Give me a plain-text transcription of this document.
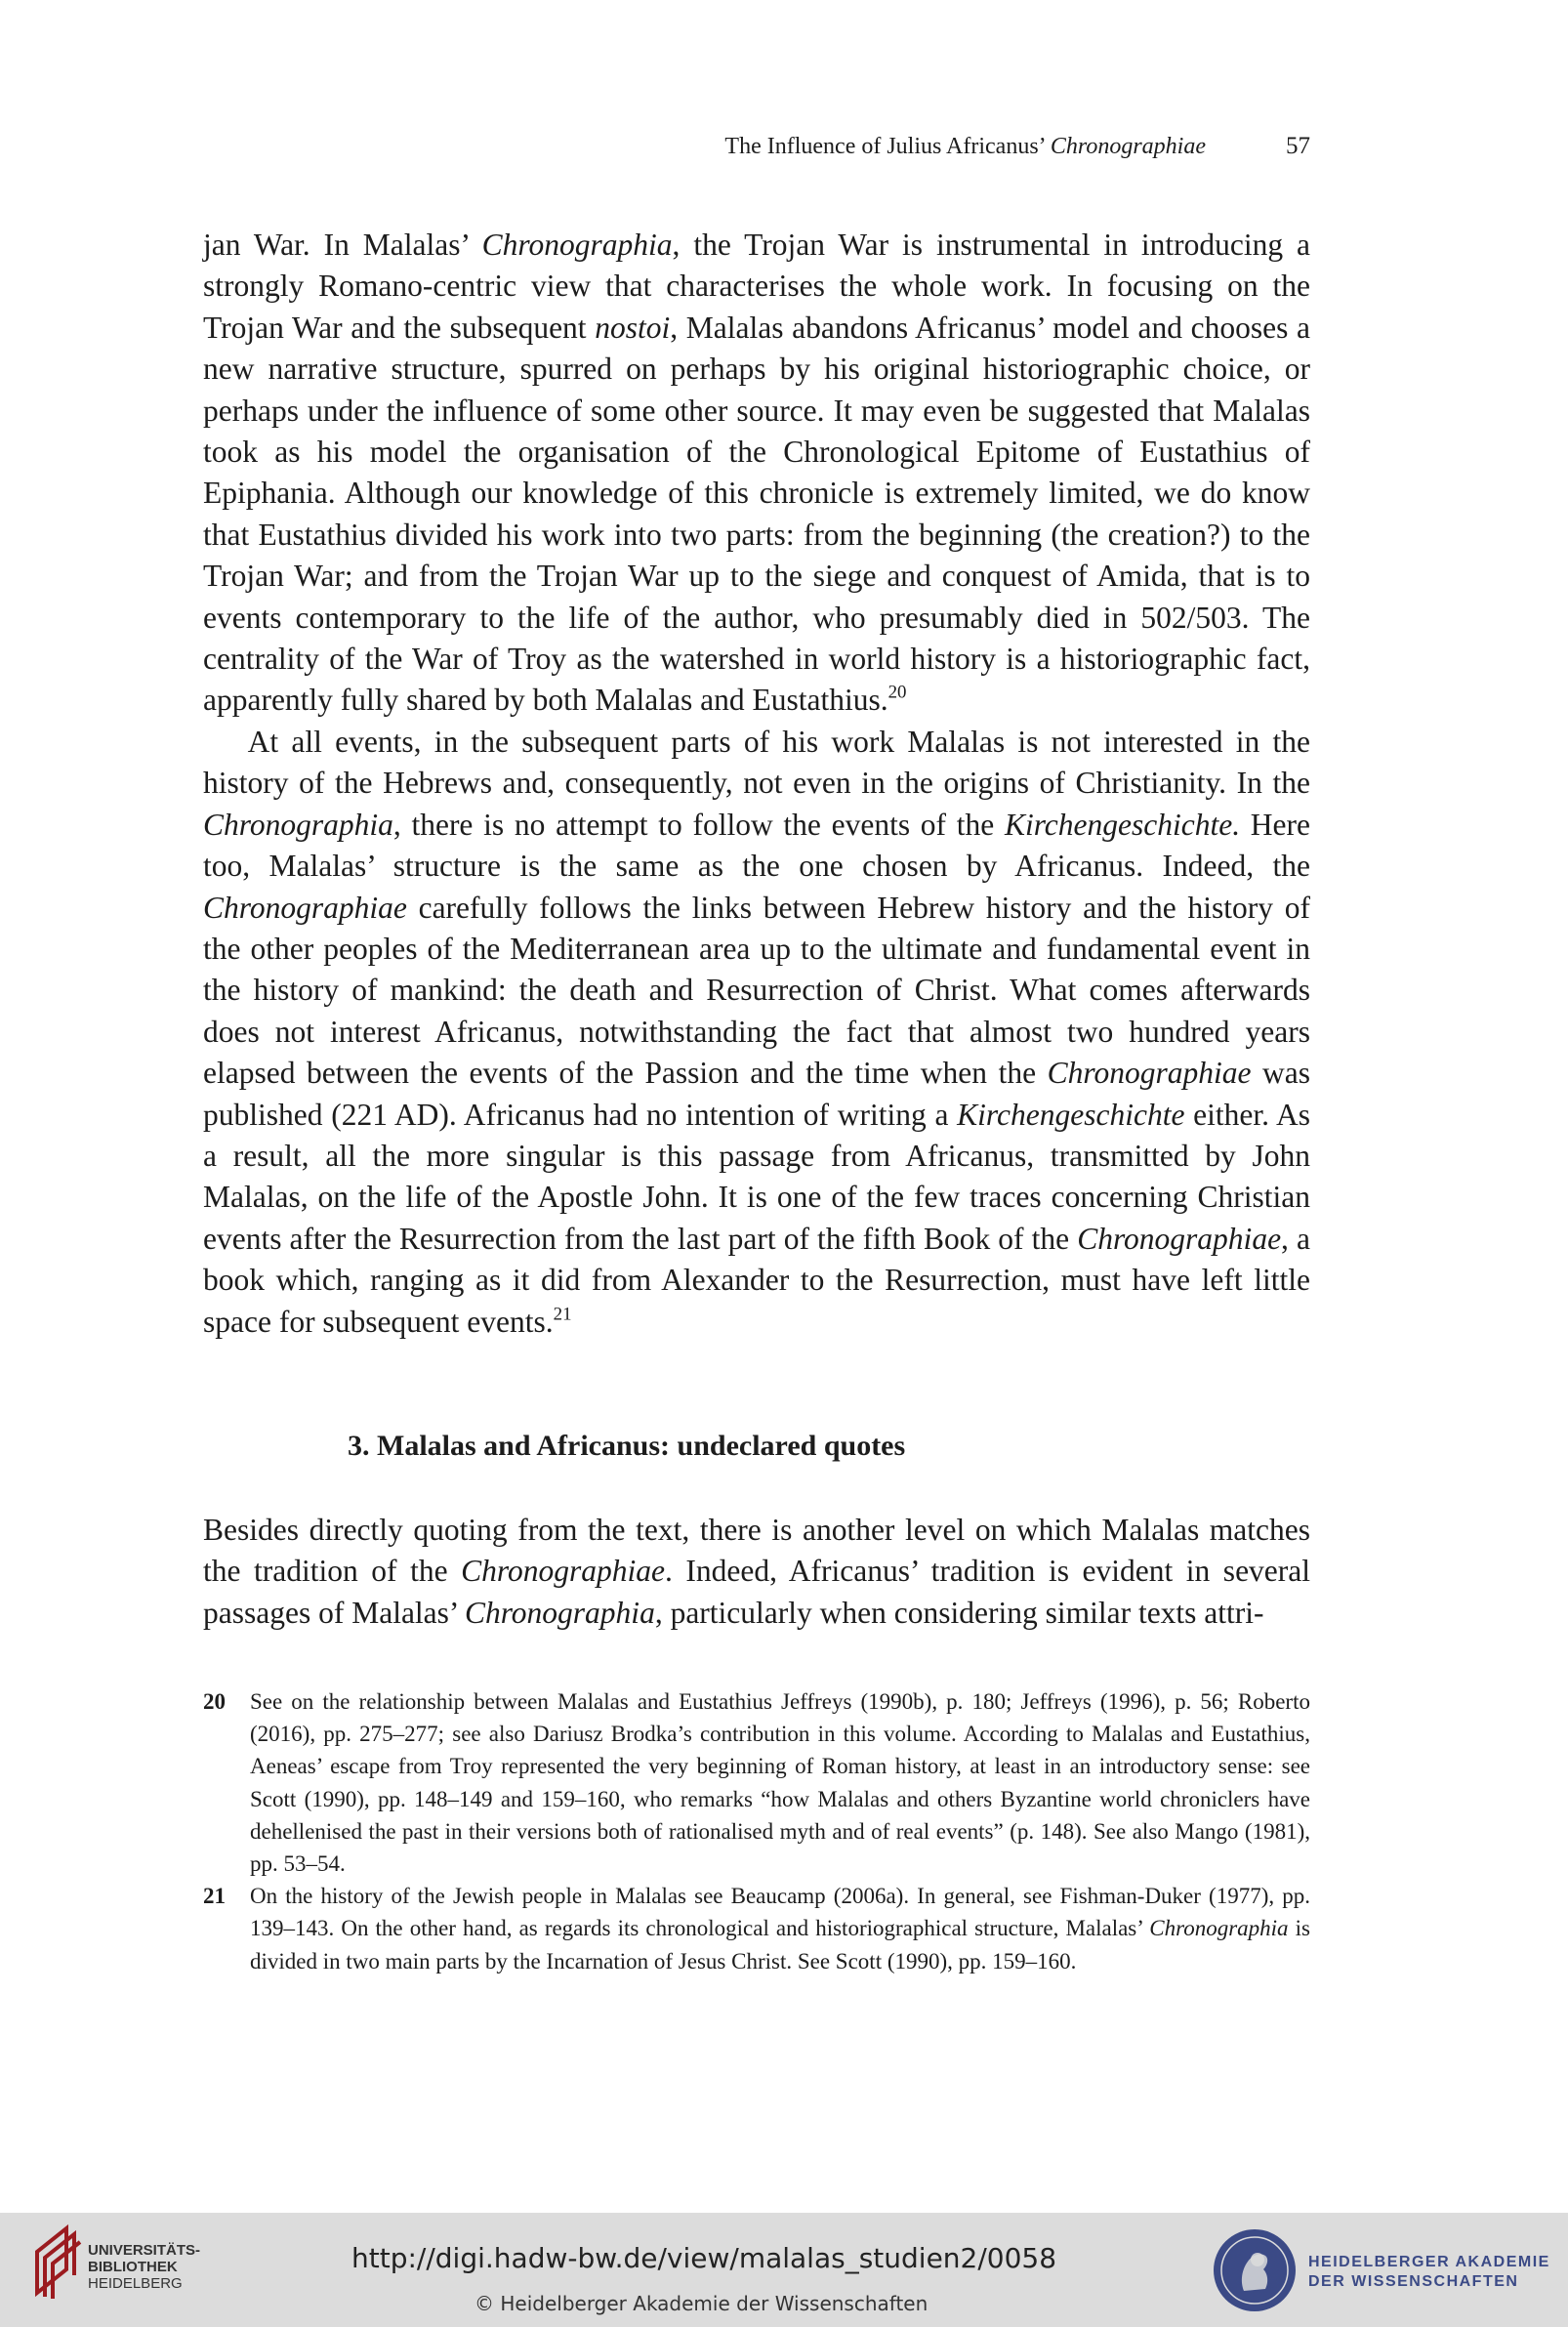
The Influence of Julius Africanus’ Chronographiae	57

jan War. In Malalas’ Chronographia, the Trojan War is instrumental in introducing a strongly Romano-centric view that characterises the whole work. In focusing on the Trojan War and the subsequent nostoi, Malalas abandons Africanus’ model and chooses a new narrative structure, spurred on perhaps by his original historiographic choice, or perhaps under the influence of some other source. It may even be suggested that Malalas took as his model the organisation of the Chronological Epitome of Eustathius of Epiphania. Although our knowledge of this chronicle is extremely limited, we do know that Eustathius divided his work into two parts: from the beginning (the creation?) to the Trojan War; and from the Trojan War up to the siege and conquest of Amida, that is to events contemporary to the life of the author, who presumably died in 502/503. The centrality of the War of Troy as the watershed in world history is a historiographic fact, apparently fully shared by both Malalas and Eustathius.$^{20}$

At all events, in the subsequent parts of his work Malalas is not interested in the history of the Hebrews and, consequently, not even in the origins of Christianity. In the Chronographia, there is no attempt to follow the events of the Kirchengeschichte. Here too, Malalas’ structure is the same as the one chosen by Africanus. Indeed, the Chronographiae carefully follows the links between Hebrew history and the history of the other peoples of the Mediterranean area up to the ultimate and fundamental event in the history of mankind: the death and Resurrection of Christ. What comes afterwards does not interest Africanus, notwithstanding the fact that almost two hundred years elapsed between the events of the Passion and the time when the Chronographiae was published (221 AD). Africanus had no intention of writing a Kirchengeschichte either. As a result, all the more singular is this passage from Africanus, transmitted by John Malalas, on the life of the Apostle John. It is one of the few traces concerning Christian events after the Resurrection from the last part of the fifth Book of the Chronographiae, a book which, ranging as it did from Alexander to the Resurrection, must have left little space for subsequent events.$^{21}$

3. Malalas and Africanus: undeclared quotes

Besides directly quoting from the text, there is another level on which Malalas matches the tradition of the Chronographiae. Indeed, Africanus’ tradition is evident in several passages of Malalas’ Chronographia, particularly when considering similar texts attri-

20	See on the relationship between Malalas and Eustathius Jeffreys (1990b), p. 180; Jeffreys (1996), p. 56; Roberto (2016), pp. 275–277; see also Dariusz Brodka’s contribution in this volume. According to Malalas and Eustathius, Aeneas’ escape from Troy represented the very beginning of Roman history, at least in an introductory sense: see Scott (1990), pp. 148–149 and 159–160, who remarks “how Malalas and others Byzantine world chroniclers have dehellenised the past in their versions both of rationalised myth and of real events” (p. 148). See also Mango (1981), pp. 53–54.
21	On the history of the Jewish people in Malalas see Beaucamp (2006a). In general, see Fishman-Duker (1977), pp. 139–143. On the other hand, as regards its chronological and historiographical structure, Malalas’ Chronographia is divided in two main parts by the Incarnation of Jesus Christ. See Scott (1990), pp. 159–160.
UNIVERSITÄTS-
BIBLIOTHEK
HEIDELBERG
http://digi.hadw-bw.de/view/malalas_studien2/0058
© Heidelberger Akademie der Wissenschaften
HEIDELBERGER AKADEMIE
DER WISSENSCHAFTEN
